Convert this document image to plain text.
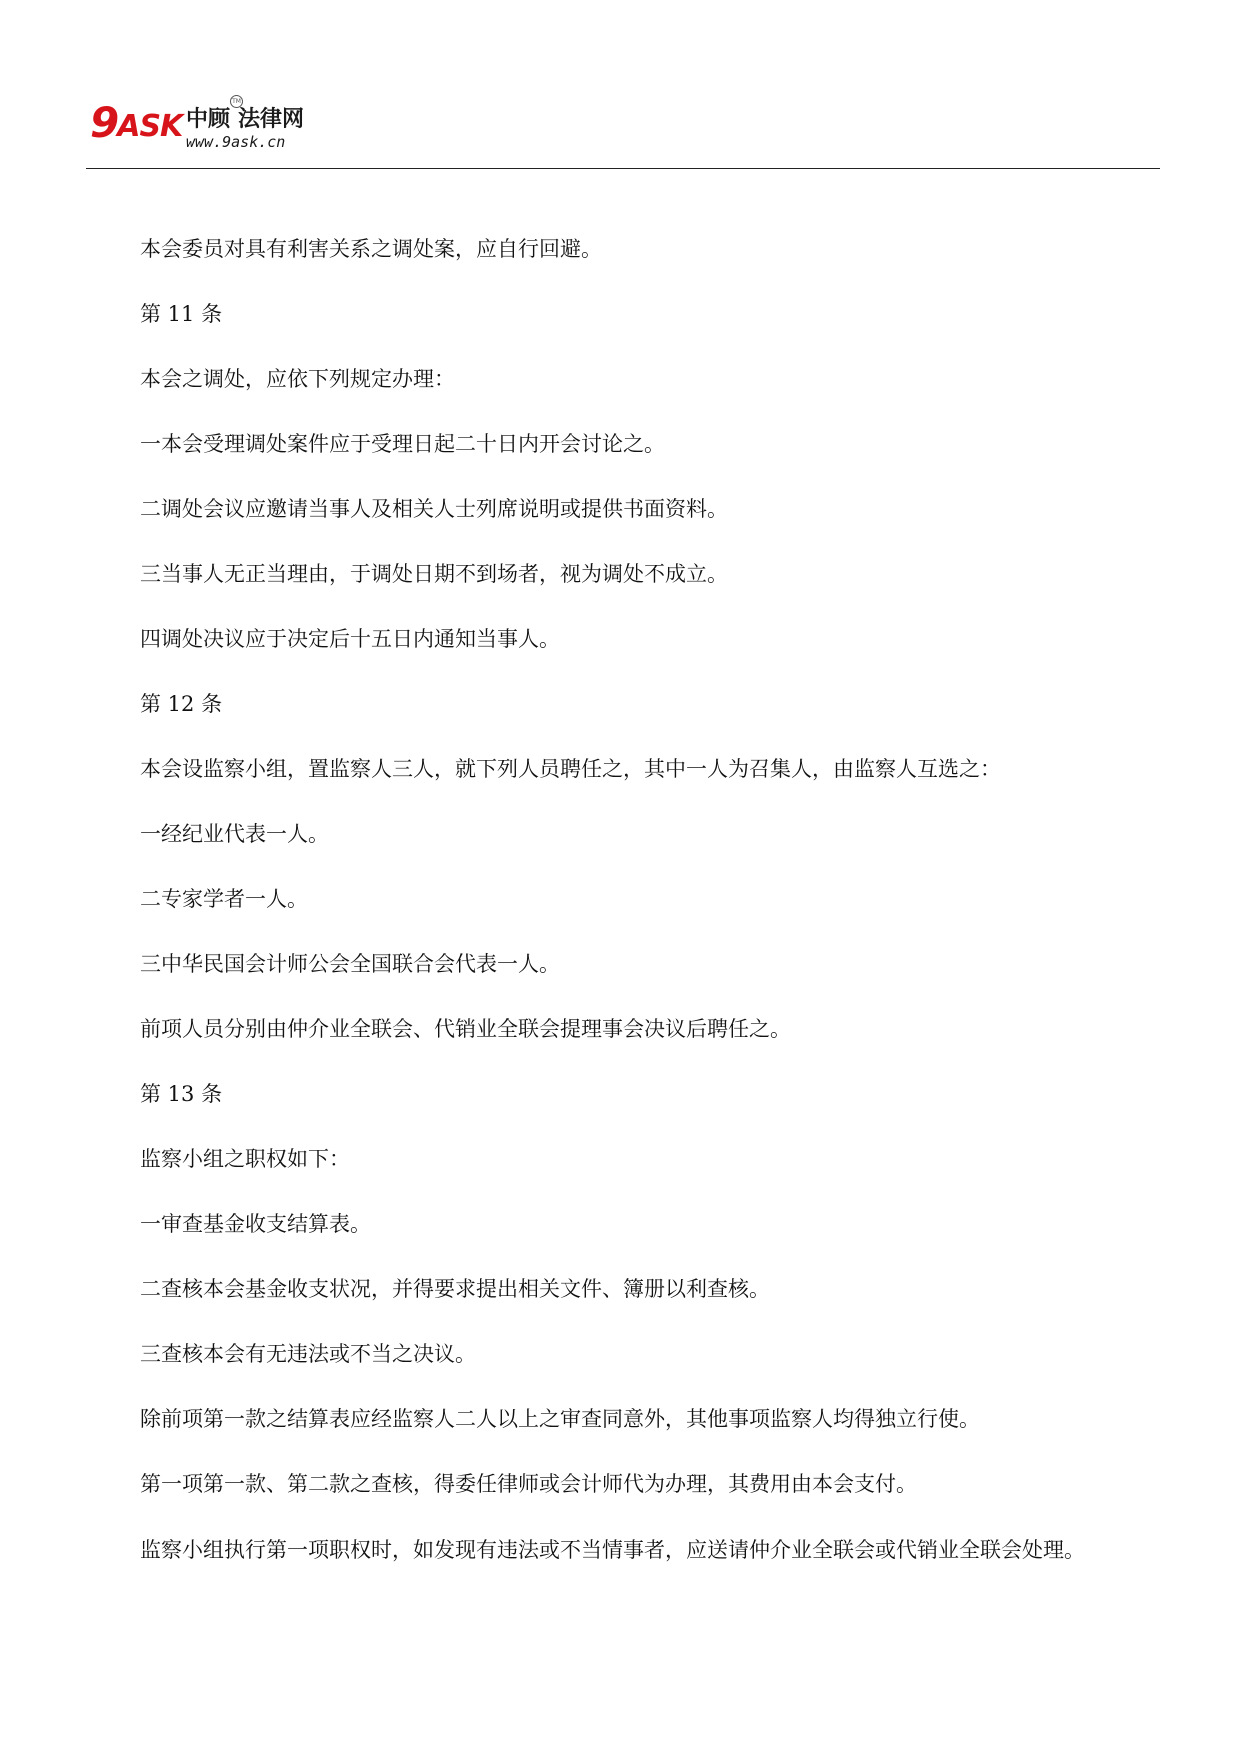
9 ASK 中顾 法律网
TM
www.9ask.cn

本会委员对具有利害关系之调处案，应自行回避。

第 11 条

本会之调处，应依下列规定办理：

一本会受理调处案件应于受理日起二十日内开会讨论之。

二调处会议应邀请当事人及相关人士列席说明或提供书面资料。

三当事人无正当理由，于调处日期不到场者，视为调处不成立。

四调处决议应于决定后十五日内通知当事人。

第 12 条

本会设监察小组，置监察人三人，就下列人员聘任之，其中一人为召集人，由监察人互选之：

一经纪业代表一人。

二专家学者一人。

三中华民国会计师公会全国联合会代表一人。

前项人员分别由仲介业全联会、代销业全联会提理事会决议后聘任之。

第 13 条

监察小组之职权如下：

一审查基金收支结算表。

二查核本会基金收支状况，并得要求提出相关文件、簿册以利查核。

三查核本会有无违法或不当之决议。

除前项第一款之结算表应经监察人二人以上之审查同意外，其他事项监察人均得独立行使。

第一项第一款、第二款之查核，得委任律师或会计师代为办理，其费用由本会支付。

监察小组执行第一项职权时，如发现有违法或不当情事者，应送请仲介业全联会或代销业全联会处理。
